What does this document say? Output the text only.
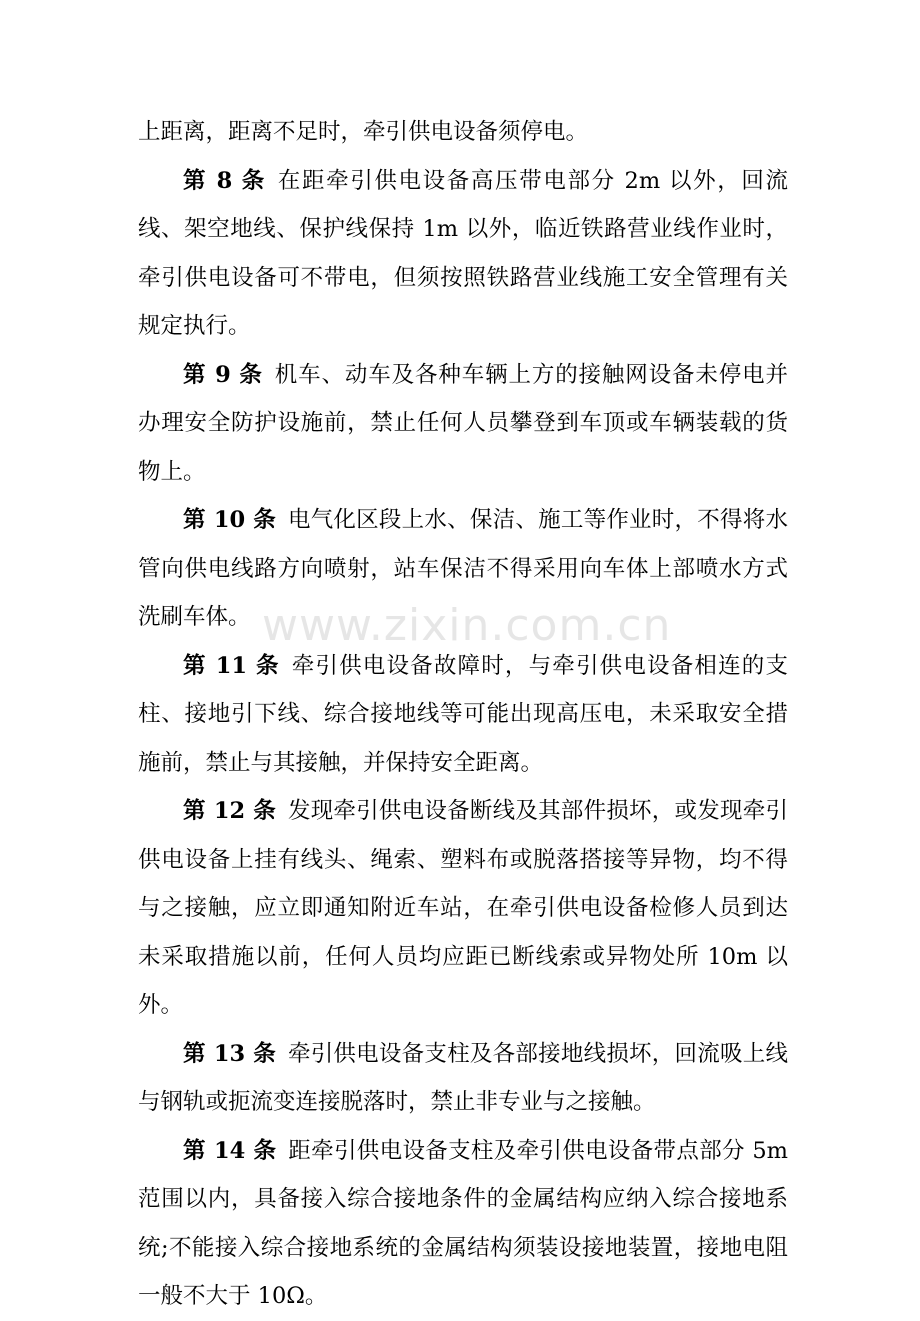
www.zixin.com.cn

上距离，距离不足时，牵引供电设备须停电。

第 8 条 在距牵引供电设备高压带电部分 2m 以外，回流线、架空地线、保护线保持 1m 以外，临近铁路营业线作业时，牵引供电设备可不带电，但须按照铁路营业线施工安全管理有关规定执行。

第 9 条 机车、动车及各种车辆上方的接触网设备未停电并办理安全防护设施前，禁止任何人员攀登到车顶或车辆装载的货物上。

第 10 条 电气化区段上水、保洁、施工等作业时，不得将水管向供电线路方向喷射，站车保洁不得采用向车体上部喷水方式洗刷车体。

第 11 条 牵引供电设备故障时，与牵引供电设备相连的支柱、接地引下线、综合接地线等可能出现高压电，未采取安全措施前，禁止与其接触，并保持安全距离。

第 12 条 发现牵引供电设备断线及其部件损坏，或发现牵引供电设备上挂有线头、绳索、塑料布或脱落搭接等异物，均不得与之接触，应立即通知附近车站，在牵引供电设备检修人员到达未采取措施以前，任何人员均应距已断线索或异物处所 10m 以外。

第 13 条 牵引供电设备支柱及各部接地线损坏，回流吸上线与钢轨或扼流变连接脱落时，禁止非专业与之接触。

第 14 条 距牵引供电设备支柱及牵引供电设备带点部分 5m 范围以内，具备接入综合接地条件的金属结构应纳入综合接地系统;不能接入综合接地系统的金属结构须装设接地装置，接地电阻一般不大于 10Ω。
